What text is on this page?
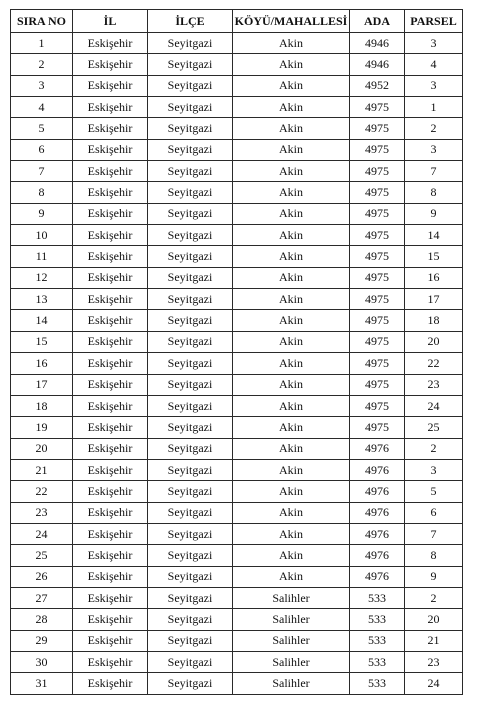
SIRA NO	İL	İLÇE	KÖYÜ/MAHALLESİ	ADA	PARSEL
1	Eskişehir	Seyitgazi	Akin	4946	3
2	Eskişehir	Seyitgazi	Akin	4946	4
3	Eskişehir	Seyitgazi	Akin	4952	3
4	Eskişehir	Seyitgazi	Akin	4975	1
5	Eskişehir	Seyitgazi	Akin	4975	2
6	Eskişehir	Seyitgazi	Akin	4975	3
7	Eskişehir	Seyitgazi	Akin	4975	7
8	Eskişehir	Seyitgazi	Akin	4975	8
9	Eskişehir	Seyitgazi	Akin	4975	9
10	Eskişehir	Seyitgazi	Akin	4975	14
11	Eskişehir	Seyitgazi	Akin	4975	15
12	Eskişehir	Seyitgazi	Akin	4975	16
13	Eskişehir	Seyitgazi	Akin	4975	17
14	Eskişehir	Seyitgazi	Akin	4975	18
15	Eskişehir	Seyitgazi	Akin	4975	20
16	Eskişehir	Seyitgazi	Akin	4975	22
17	Eskişehir	Seyitgazi	Akin	4975	23
18	Eskişehir	Seyitgazi	Akin	4975	24
19	Eskişehir	Seyitgazi	Akin	4975	25
20	Eskişehir	Seyitgazi	Akin	4976	2
21	Eskişehir	Seyitgazi	Akin	4976	3
22	Eskişehir	Seyitgazi	Akin	4976	5
23	Eskişehir	Seyitgazi	Akin	4976	6
24	Eskişehir	Seyitgazi	Akin	4976	7
25	Eskişehir	Seyitgazi	Akin	4976	8
26	Eskişehir	Seyitgazi	Akin	4976	9
27	Eskişehir	Seyitgazi	Salihler	533	2
28	Eskişehir	Seyitgazi	Salihler	533	20
29	Eskişehir	Seyitgazi	Salihler	533	21
30	Eskişehir	Seyitgazi	Salihler	533	23
31	Eskişehir	Seyitgazi	Salihler	533	24
